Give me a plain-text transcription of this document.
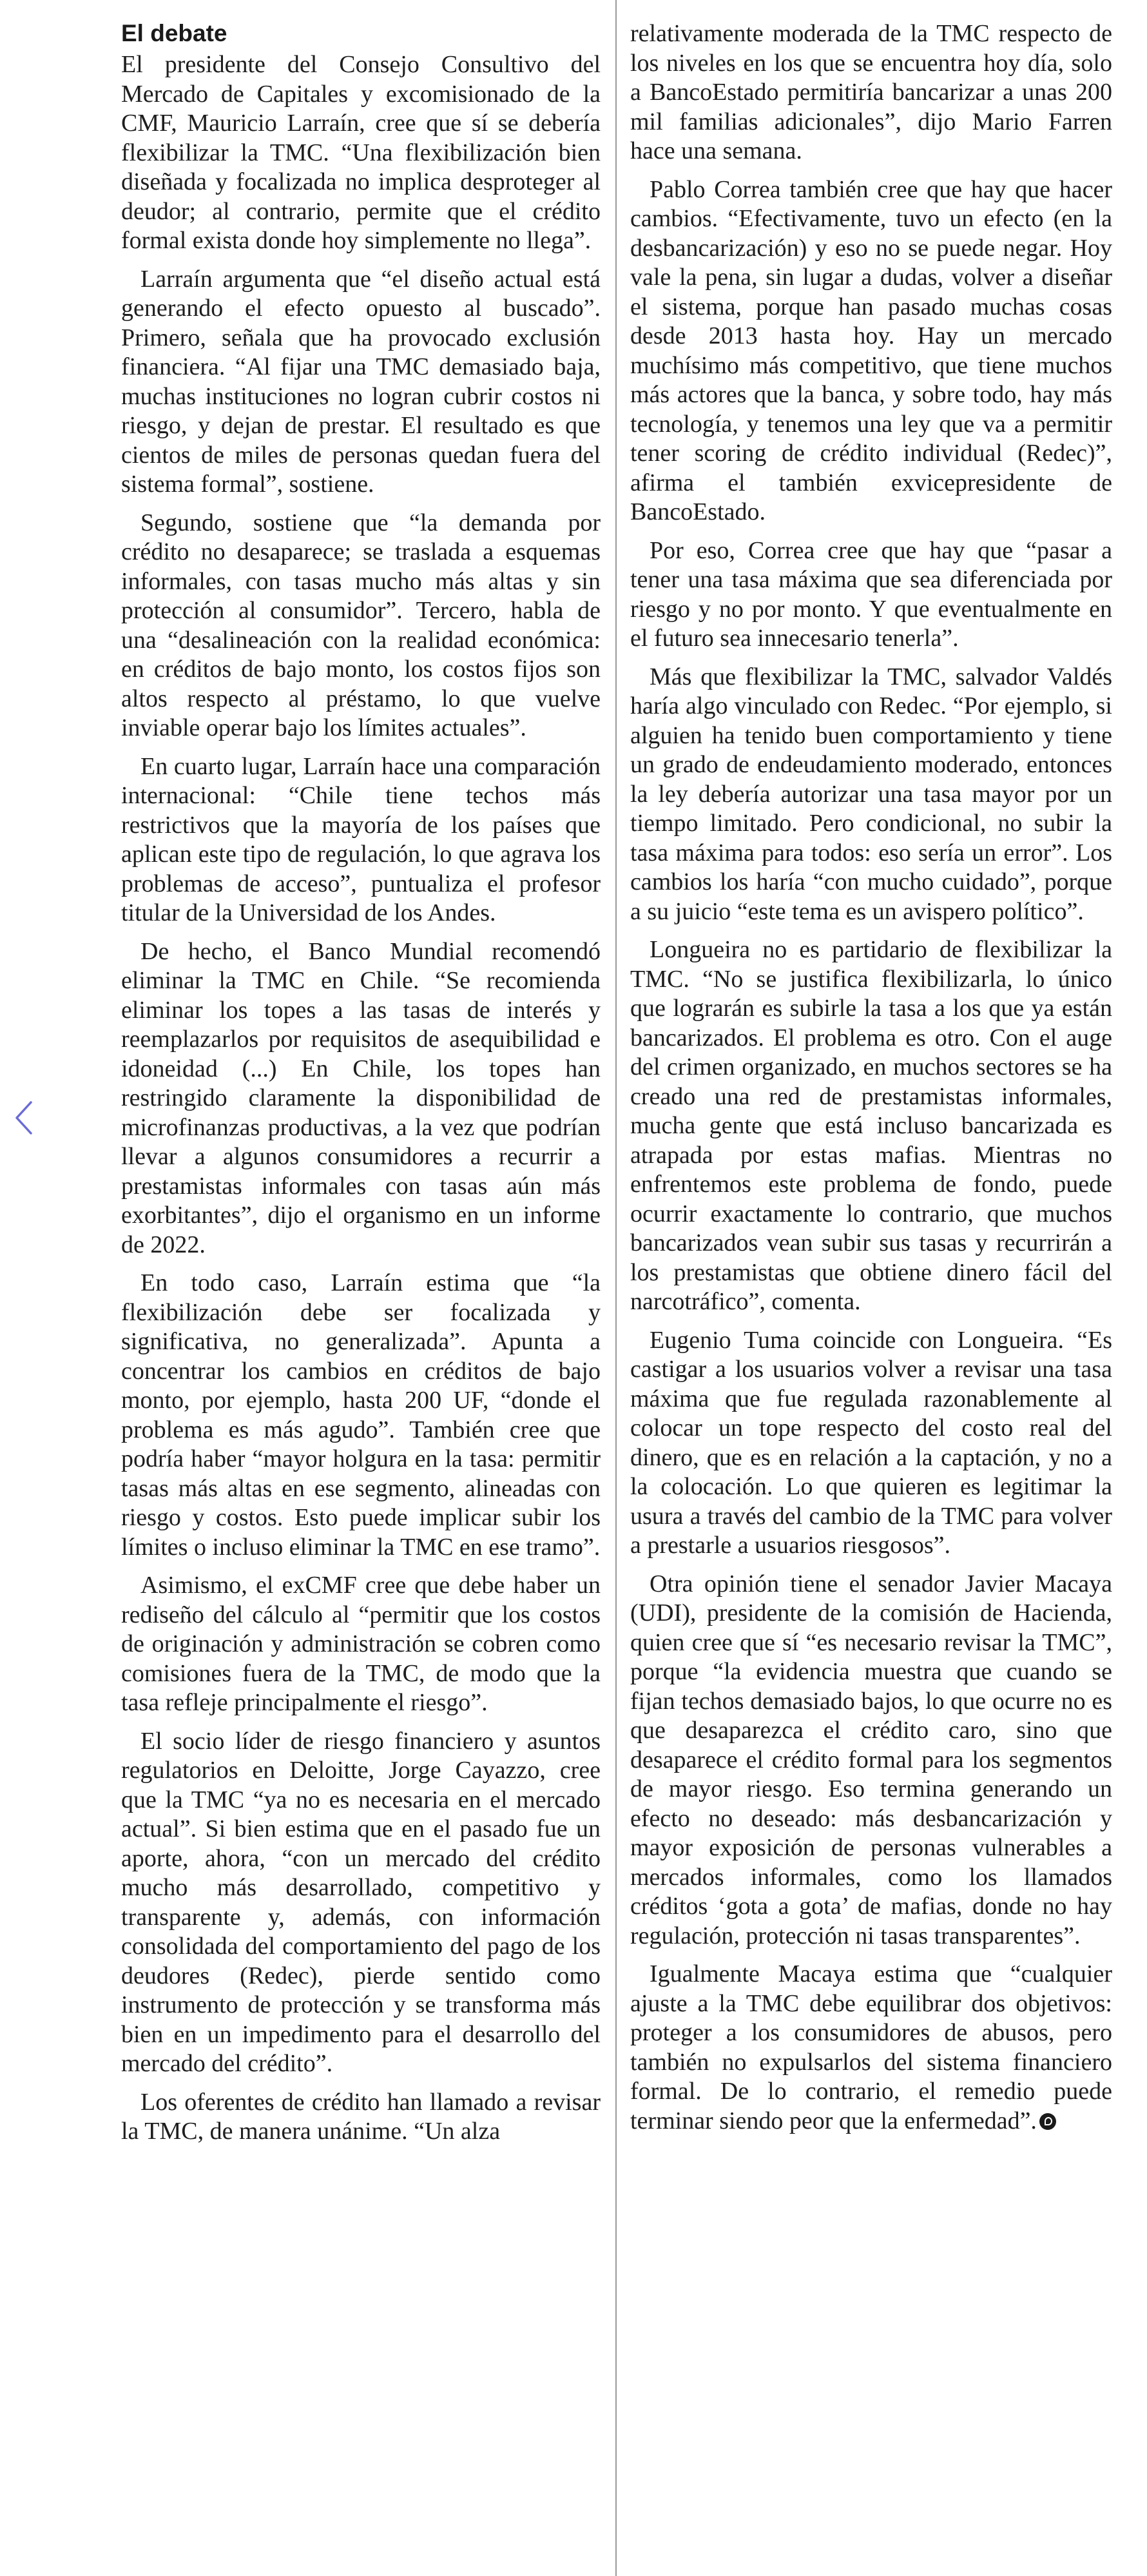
El debate

El presidente del Consejo Consultivo del Mercado de Capitales y excomisionado de la CMF, Mauricio Larraín, cree que sí se debería flexibilizar la TMC. “Una flexibilización bien diseñada y focalizada no implica desproteger al deudor; al contrario, permite que el crédito formal exista donde hoy simplemente no llega”.

Larraín argumenta que “el diseño actual está generando el efecto opuesto al buscado”. Primero, señala que ha provocado exclusión financiera. “Al fijar una TMC demasiado baja, muchas instituciones no logran cubrir costos ni riesgo, y dejan de prestar. El resultado es que cientos de miles de personas quedan fuera del sistema formal”, sostiene.

Segundo, sostiene que “la demanda por crédito no desaparece; se traslada a esquemas informales, con tasas mucho más altas y sin protección al consumidor”. Tercero, habla de una “desalineación con la realidad económica: en créditos de bajo monto, los costos fijos son altos respecto al préstamo, lo que vuelve inviable operar bajo los límites actuales”.

En cuarto lugar, Larraín hace una comparación internacional: “Chile tiene techos más restrictivos que la mayoría de los países que aplican este tipo de regulación, lo que agrava los problemas de acceso”, puntualiza el profesor titular de la Universidad de los Andes.

De hecho, el Banco Mundial recomendó eliminar la TMC en Chile. “Se recomienda eliminar los topes a las tasas de interés y reemplazarlos por requisitos de asequibilidad e idoneidad (...) En Chile, los topes han restringido claramente la disponibilidad de microfinanzas productivas, a la vez que podrían llevar a algunos consumidores a recurrir a prestamistas informales con tasas aún más exorbitantes”, dijo el organismo en un informe de 2022.

En todo caso, Larraín estima que “la flexibilización debe ser focalizada y significativa, no generalizada”. Apunta a concentrar los cambios en créditos de bajo monto, por ejemplo, hasta 200 UF, “donde el problema es más agudo”. También cree que podría haber “mayor holgura en la tasa: permitir tasas más altas en ese segmento, alineadas con riesgo y costos. Esto puede implicar subir los límites o incluso eliminar la TMC en ese tramo”.

Asimismo, el exCMF cree que debe haber un rediseño del cálculo al “permitir que los costos de originación y administración se cobren como comisiones fuera de la TMC, de modo que la tasa refleje principalmente el riesgo”.

El socio líder de riesgo financiero y asuntos regulatorios en Deloitte, Jorge Cayazzo, cree que la TMC “ya no es necesaria en el mercado actual”. Si bien estima que en el pasado fue un aporte, ahora, “con un mercado del crédito mucho más desarrollado, competitivo y transparente y, además, con información consolidada del comportamiento del pago de los deudores (Redec), pierde sentido como instrumento de protección y se transforma más bien en un impedimento para el desarrollo del mercado del crédito”.

Los oferentes de crédito han llamado a revisar la TMC, de manera unánime. “Un alza

relativamente moderada de la TMC respecto de los niveles en los que se encuentra hoy día, solo a BancoEstado permitiría bancarizar a unas 200 mil familias adicionales”, dijo Mario Farren hace una semana.

Pablo Correa también cree que hay que hacer cambios. “Efectivamente, tuvo un efecto (en la desbancarización) y eso no se puede negar. Hoy vale la pena, sin lugar a dudas, volver a diseñar el sistema, porque han pasado muchas cosas desde 2013 hasta hoy. Hay un mercado muchísimo más competitivo, que tiene muchos más actores que la banca, y sobre todo, hay más tecnología, y tenemos una ley que va a permitir tener scoring de crédito individual (Redec)”, afirma el también exvicepresidente de BancoEstado.

Por eso, Correa cree que hay que “pasar a tener una tasa máxima que sea diferenciada por riesgo y no por monto. Y que eventualmente en el futuro sea innecesario tenerla”.

Más que flexibilizar la TMC, salvador Valdés haría algo vinculado con Redec. “Por ejemplo, si alguien ha tenido buen comportamiento y tiene un grado de endeudamiento moderado, entonces la ley debería autorizar una tasa mayor por un tiempo limitado. Pero condicional, no subir la tasa máxima para todos: eso sería un error”. Los cambios los haría “con mucho cuidado”, porque a su juicio “este tema es un avispero político”.

Longueira no es partidario de flexibilizar la TMC. “No se justifica flexibilizarla, lo único que lograrán es subirle la tasa a los que ya están bancarizados. El problema es otro. Con el auge del crimen organizado, en muchos sectores se ha creado una red de prestamistas informales, mucha gente que está incluso bancarizada es atrapada por estas mafias. Mientras no enfrentemos este problema de fondo, puede ocurrir exactamente lo contrario, que muchos bancarizados vean subir sus tasas y recurrirán a los prestamistas que obtiene dinero fácil del narcotráfico”, comenta.

Eugenio Tuma coincide con Longueira. “Es castigar a los usuarios volver a revisar una tasa máxima que fue regulada razonablemente al colocar un tope respecto del costo real del dinero, que es en relación a la captación, y no a la colocación. Lo que quieren es legitimar la usura a través del cambio de la TMC para volver a prestarle a usuarios riesgosos”.

Otra opinión tiene el senador Javier Macaya (UDI), presidente de la comisión de Hacienda, quien cree que sí “es necesario revisar la TMC”, porque “la evidencia muestra que cuando se fijan techos demasiado bajos, lo que ocurre no es que desaparezca el crédito caro, sino que desaparece el crédito formal para los segmentos de mayor riesgo. Eso termina generando un efecto no deseado: más desbancarización y mayor exposición de personas vulnerables a mercados informales, como los llamados créditos ‘gota a gota’ de mafias, donde no hay regulación, protección ni tasas transparentes”.

Igualmente Macaya estima que “cualquier ajuste a la TMC debe equilibrar dos objetivos: proteger a los consumidores de abusos, pero también no expulsarlos del sistema financiero formal. De lo contrario, el remedio puede terminar siendo peor que la enfermedad”.
